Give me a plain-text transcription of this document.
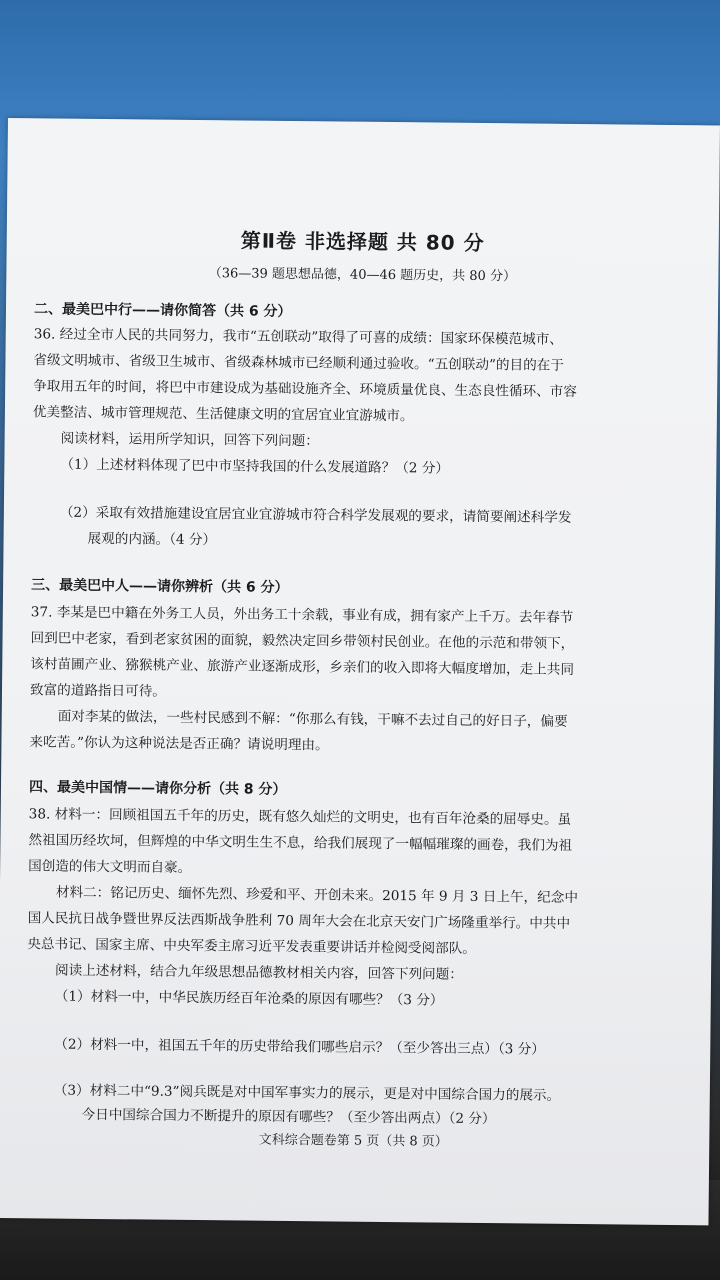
第Ⅱ卷 非选择题 共 80 分
（36—39 题思想品德，40—46 题历史，共 80 分）
二、最美巴中行——请你简答（共 6 分）
36. 经过全市人民的共同努力，我市“五创联动”取得了可喜的成绩：国家环保模范城市、
省级文明城市、省级卫生城市、省级森林城市已经顺利通过验收。“五创联动”的目的在于
争取用五年的时间，将巴中市建设成为基础设施齐全、环境质量优良、生态良性循环、市容
优美整洁、城市管理规范、生活健康文明的宜居宜业宜游城市。
阅读材料，运用所学知识，回答下列问题：
（1）上述材料体现了巴中市坚持我国的什么发展道路？（2 分）
（2）采取有效措施建设宜居宜业宜游城市符合科学发展观的要求，请简要阐述科学发
展观的内涵。（4 分）
三、最美巴中人——请你辨析（共 6 分）
37. 李某是巴中籍在外务工人员，外出务工十余载，事业有成，拥有家产上千万。去年春节
回到巴中老家，看到老家贫困的面貌，毅然决定回乡带领村民创业。在他的示范和带领下，
该村苗圃产业、猕猴桃产业、旅游产业逐渐成形，乡亲们的收入即将大幅度增加，走上共同
致富的道路指日可待。
面对李某的做法，一些村民感到不解：“你那么有钱，干嘛不去过自己的好日子，偏要
来吃苦。”你认为这种说法是否正确？请说明理由。
四、最美中国情——请你分析（共 8 分）
38. 材料一：回顾祖国五千年的历史，既有悠久灿烂的文明史，也有百年沧桑的屈辱史。虽
然祖国历经坎坷，但辉煌的中华文明生生不息，给我们展现了一幅幅璀璨的画卷，我们为祖
国创造的伟大文明而自豪。
材料二：铭记历史、缅怀先烈、珍爱和平、开创未来。2015 年 9 月 3 日上午，纪念中
国人民抗日战争暨世界反法西斯战争胜利 70 周年大会在北京天安门广场隆重举行。中共中
央总书记、国家主席、中央军委主席习近平发表重要讲话并检阅受阅部队。
阅读上述材料，结合九年级思想品德教材相关内容，回答下列问题：
（1）材料一中，中华民族历经百年沧桑的原因有哪些？（3 分）
（2）材料一中，祖国五千年的历史带给我们哪些启示？（至少答出三点）（3 分）
（3）材料二中“9.3”阅兵既是对中国军事实力的展示，更是对中国综合国力的展示。
今日中国综合国力不断提升的原因有哪些？（至少答出两点）（2 分）
文科综合题卷第 5 页（共 8 页）
